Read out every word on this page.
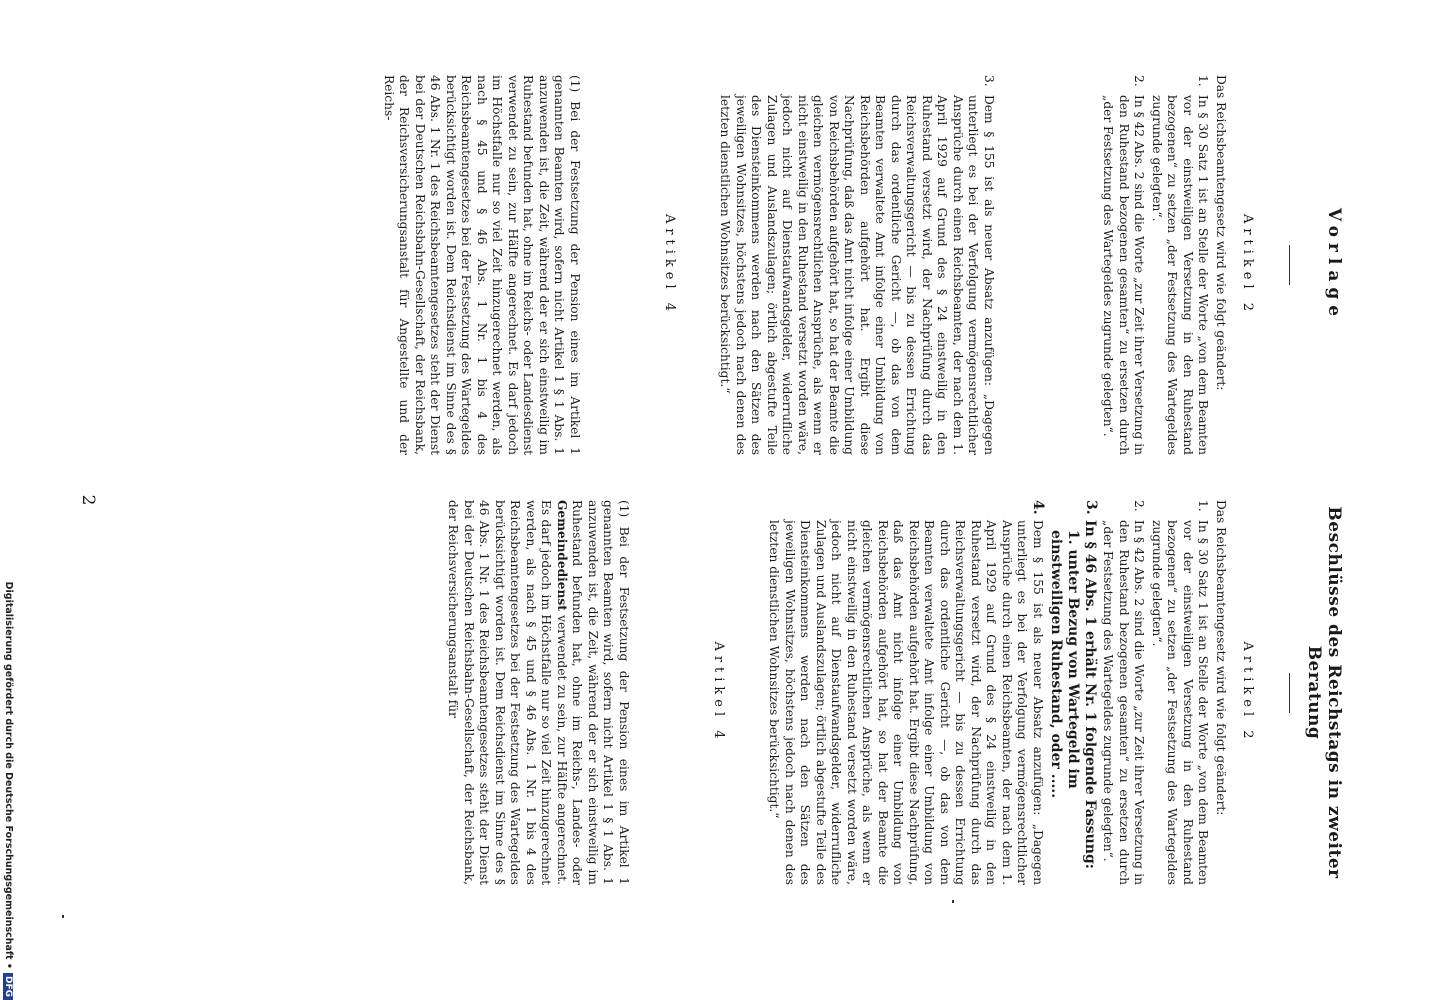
2
Vorlage
Artikel 2

Das Reichsbeamtengesetz wird wie folgt geändert:

1.

In § 30 Satz 1 ist an Stelle der Worte „von dem Beamten vor der einstweiligen Versetzung in den Ruhestand bezogenen“ zu setzen „der Festsetzung des Wartegeldes zugrunde gelegten“.

2.

In § 42 Abs. 2 sind die Worte „zur Zeit ihrer Versetzung in den Ruhestand bezogenen gesamten“ zu ersetzen durch „der Festsetzung des Wartegeldes zugrunde gelegten“.

3.

Dem § 155 ist als neuer Absatz anzufügen: „Dagegen unterliegt es bei der Verfolgung vermögensrechtlicher Ansprüche durch einen Reichsbeamten, der nach dem 1. April 1929 auf Grund des § 24 einstweilig in den Ruhestand versetzt wird, der Nachprüfung durch das Reichsverwaltungsgericht — bis zu dessen Errichtung durch das ordentliche Gericht —, ob das von dem Beamten verwaltete Amt infolge einer Umbildung von Reichsbehörden aufgehört hat. Ergibt diese Nachprüfung, daß das Amt nicht infolge einer Umbildung von Reichsbehörden aufgehört hat, so hat der Beamte die gleichen vermögensrechtlichen Ansprüche, als wenn er nicht einstweilig in den Ruhestand versetzt worden wäre, jedoch nicht auf Dienstaufwandsgelder, widerrufliche Zulagen und Auslandszulagen; örtlich abgestufte Teile des Diensteinkommens werden nach den Sätzen des jeweiligen Wohnsitzes, höchstens jedoch nach denen des letzten dienstlichen Wohnsitzes berücksichtigt.“

Artikel 4

(1) Bei der Festsetzung der Pension eines im Artikel 1 genannten Beamten wird, sofern nicht Artikel 1 § 1 Abs. 1 anzuwenden ist, die Zeit, während der er sich einstweilig im Ruhestand befunden hat, ohne im Reichs- oder Landesdienst verwendet zu sein, zur Hälfte angerechnet. Es darf jedoch im Höchstfalle nur so viel Zeit hinzugerechnet werden, als nach § 45 und § 46 Abs. 1 Nr. 1 bis 4 des Reichsbeamtengesetzes bei der Festsetzung des Wartegeldes berücksichtigt worden ist. Dem Reichsdienst im Sinne des § 46 Abs. 1 Nr. 1 des Reichsbeamtengesetzes steht der Dienst bei der Deutschen Reichsbahn-Gesellschaft, der Reichsbank, der Reichsversicherungsanstalt für Angestellte und der Reichs-

Beschlüsse des Reichstags in zweiter Beratung
Artikel 2

Das Reichsbeamtengesetz wird wie folgt geändert:

1.

In § 30 Satz 1 ist an Stelle der Worte „von dem Beamten vor der einstweiligen Versetzung in den Ruhestand bezogenen“ zu setzen „der Festsetzung des Wartegeldes zugrunde gelegten“.

2.

In § 42 Abs. 2 sind die Worte „zur Zeit ihrer Versetzung in den Ruhestand bezogenen gesamten“ zu ersetzen durch „der Festsetzung des Wartegeldes zugrunde gelegten“.

3.
In § 46 Abs. 1 erhält Nr. 1 folgende Fassung:
1. unter Bezug von Wartegeld im einstweiligen Ruhestand, oder .....
4.

Dem § 155 ist als neuer Absatz anzufügen: „Dagegen unterliegt es bei der Verfolgung vermögensrechtlicher Ansprüche durch einen Reichsbeamten, der nach dem 1. April 1929 auf Grund des § 24 einstweilig in den Ruhestand versetzt wird, der Nachprüfung durch das Reichsverwaltungsgericht — bis zu dessen Errichtung durch das ordentliche Gericht —, ob das von dem Beamten verwaltete Amt infolge einer Umbildung von Reichsbehörden aufgehört hat. Ergibt diese Nachprüfung, daß das Amt nicht infolge einer Umbildung von Reichsbehörden aufgehört hat, so hat der Beamte die gleichen vermögensrechtlichen Ansprüche, als wenn er nicht einstweilig in den Ruhestand versetzt worden wäre, jedoch nicht auf Dienstaufwandsgelder, widerrufliche Zulagen und Auslandszulagen; örtlich abgestufte Teile des Diensteinkommens werden nach den Sätzen des jeweiligen Wohnsitzes, höchstens jedoch nach denen des letzten dienstlichen Wohnsitzes berücksichtigt.“

Artikel 4

(1) Bei der Festsetzung der Pension eines im Artikel 1 genannten Beamten wird, sofern nicht Artikel 1 § 1 Abs. 1 anzuwenden ist, die Zeit, während der er sich einstweilig im Ruhestand befunden hat, ohne im Reichs-, Landes- oder Gemeindedienst verwendet zu sein, zur Hälfte angerechnet. Es darf jedoch im Höchstfalle nur so viel Zeit hinzugerechnet werden, als nach § 45 und § 46 Abs. 1 Nr. 1 bis 4 des Reichsbeamtengesetzes bei der Festsetzung des Wartegeldes berücksichtigt worden ist. Dem Reichsdienst im Sinne des § 46 Abs. 1 Nr. 1 des Reichsbeamtengesetzes steht der Dienst bei der Deutschen Reichsbahn-Gesellschaft, der Reichsbank, der Reichsversicherungsanstalt für

Digitalisierung gefördert durch die Deutsche Forschungsgemeinschaft •
DFG
